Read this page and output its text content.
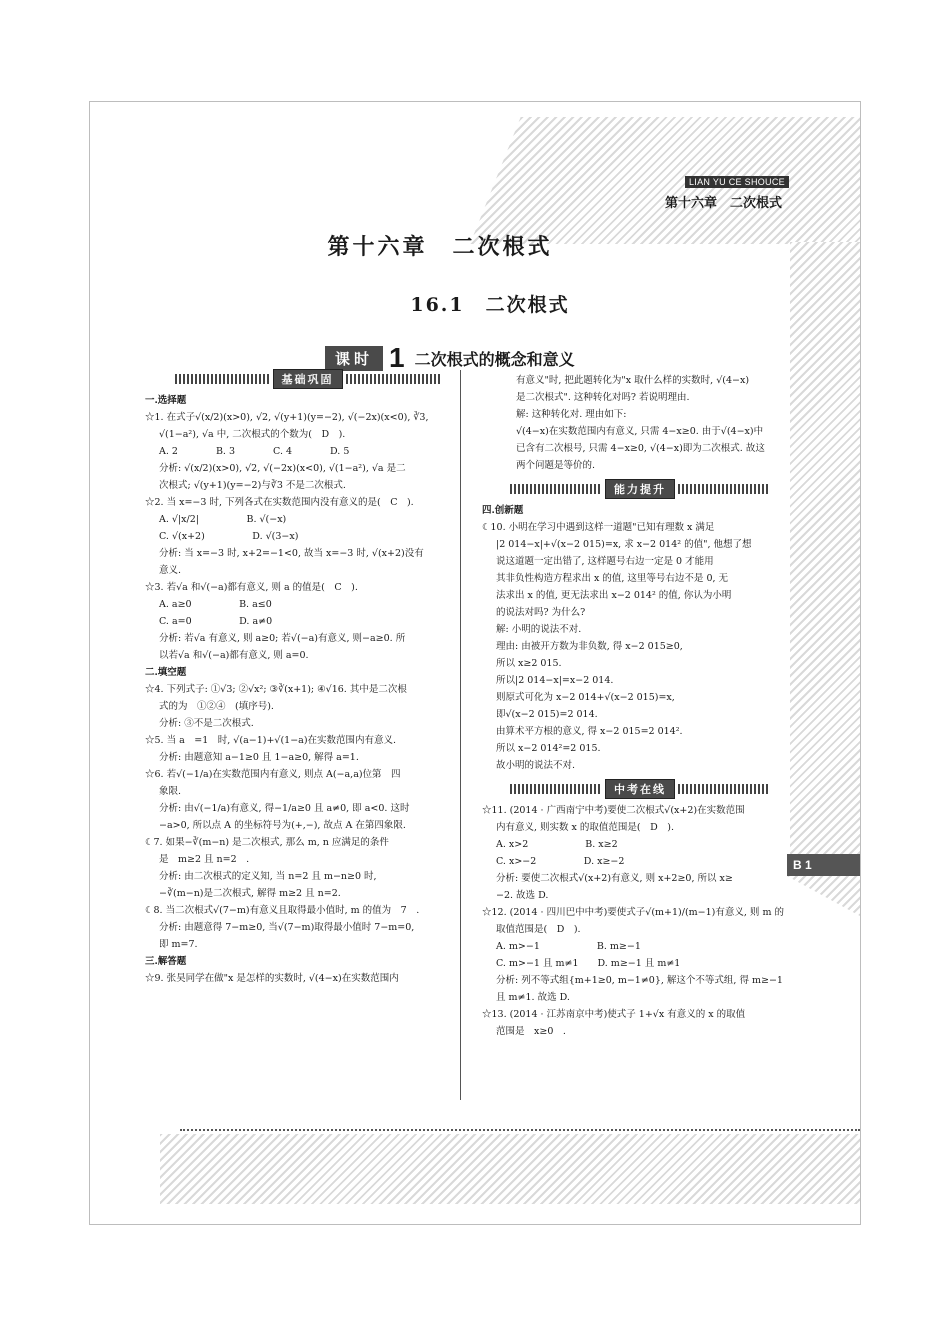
LIAN YU CE SHOUCE
第十六章　二次根式
第十六章　二次根式
16.1　二次根式
课时 1 二次根式的概念和意义
基础巩固

一.选择题

☆1. 在式子√(x/2)(x>0), √2, √(y+1)(y=−2), √(−2x)(x<0), ∛3,

√(1−a²), √a 中, 二次根式的个数为(　D　).

A. 2　　　　B. 3　　　　C. 4　　　　D. 5

分析: √(x/2)(x>0), √2, √(−2x)(x<0), √(1−a²), √a 是二

次根式; √(y+1)(y=−2)与∛3 不是二次根式.

☆2. 当 x=−3 时, 下列各式在实数范围内没有意义的是(　C　).

A. √|x/2|　　　　　B. √(−x)

C. √(x+2)　　　　　D. √(3−x)

分析: 当 x=−3 时, x+2=−1<0, 故当 x=−3 时, √(x+2)没有

意义.

☆3. 若√a 和√(−a)都有意义, 则 a 的值是(　C　).

A. a≥0　　　　　B. a≤0

C. a=0　　　　　D. a≠0

分析: 若√a 有意义, 则 a≥0; 若√(−a)有意义, 则−a≥0. 所

以若√a 和√(−a)都有意义, 则 a=0.

二.填空题

☆4. 下列式子: ①√3; ②√x²; ③∛(x+1); ④√16. 其中是二次根

式的为　①②④　(填序号).

分析: ③不是二次根式.

☆5. 当 a　=1　时, √(a−1)+√(1−a)在实数范围内有意义.

分析: 由题意知 a−1≥0 且 1−a≥0, 解得 a=1.

☆6. 若√(−1/a)在实数范围内有意义, 则点 A(−a,a)位第　四

象限.

分析: 由√(−1/a)有意义, 得−1/a≥0 且 a≠0, 即 a<0. 这时

−a>0, 所以点 A 的坐标符号为(+,−), 故点 A 在第四象限.

☾7. 如果−∛(m−n) 是二次根式, 那么 m, n 应满足的条件

是　m≥2 且 n=2　.

分析: 由二次根式的定义知, 当 n=2 且 m−n≥0 时,

−∛(m−n)是二次根式, 解得 m≥2 且 n=2.

☾8. 当二次根式√(7−m)有意义且取得最小值时, m 的值为　7　.

分析: 由题意得 7−m≥0, 当√(7−m)取得最小值时 7−m=0,

即 m=7.

三.解答题

☆9. 张昊同学在做"x 是怎样的实数时, √(4−x)在实数范围内

有意义"时, 把此题转化为"x 取什么样的实数时, √(4−x)

是二次根式". 这种转化对吗? 若说明理由.

解: 这种转化对. 理由如下:

√(4−x)在实数范围内有意义, 只需 4−x≥0. 由于√(4−x)中

已含有二次根号, 只需 4−x≥0, √(4−x)即为二次根式. 故这

两个问题是等价的.

能力提升

四.创新题

☾10. 小明在学习中遇到这样一道题"已知有理数 x 满足

|2 014−x|+√(x−2 015)=x, 求 x−2 014² 的值", 他想了想

说这道题一定出错了, 这样题号右边一定是 0 才能用

其非负性构造方程求出 x 的值, 这里等号右边不是 0, 无

法求出 x 的值, 更无法求出 x−2 014² 的值, 你认为小明

的说法对吗? 为什么?

解: 小明的说法不对.

理由: 由被开方数为非负数, 得 x−2 015≥0,

所以 x≥2 015.

所以|2 014−x|=x−2 014.

则原式可化为 x−2 014+√(x−2 015)=x,

即√(x−2 015)=2 014.

由算术平方根的意义, 得 x−2 015=2 014².

所以 x−2 014²=2 015.

故小明的说法不对.

中考在线

☆11. (2014 · 广西南宁中考)要使二次根式√(x+2)在实数范围

内有意义, 则实数 x 的取值范围是(　D　).

A. x>2　　　　　　B. x≥2

C. x>−2　　　　　D. x≥−2

分析: 要使二次根式√(x+2)有意义, 则 x+2≥0, 所以 x≥

−2. 故选 D.

☆12. (2014 · 四川巴中中考)要使式子√(m+1)/(m−1)有意义, 则 m 的

取值范围是(　D　).

A. m>−1　　　　　　B. m≥−1

C. m>−1 且 m≠1　　D. m≥−1 且 m≠1

分析: 列不等式组{m+1≥0, m−1≠0}, 解这个不等式组, 得 m≥−1

且 m≠1. 故选 D.

☆13. (2014 · 江苏南京中考)使式子 1+√x 有意义的 x 的取值

范围是　x≥0　.

B 1
